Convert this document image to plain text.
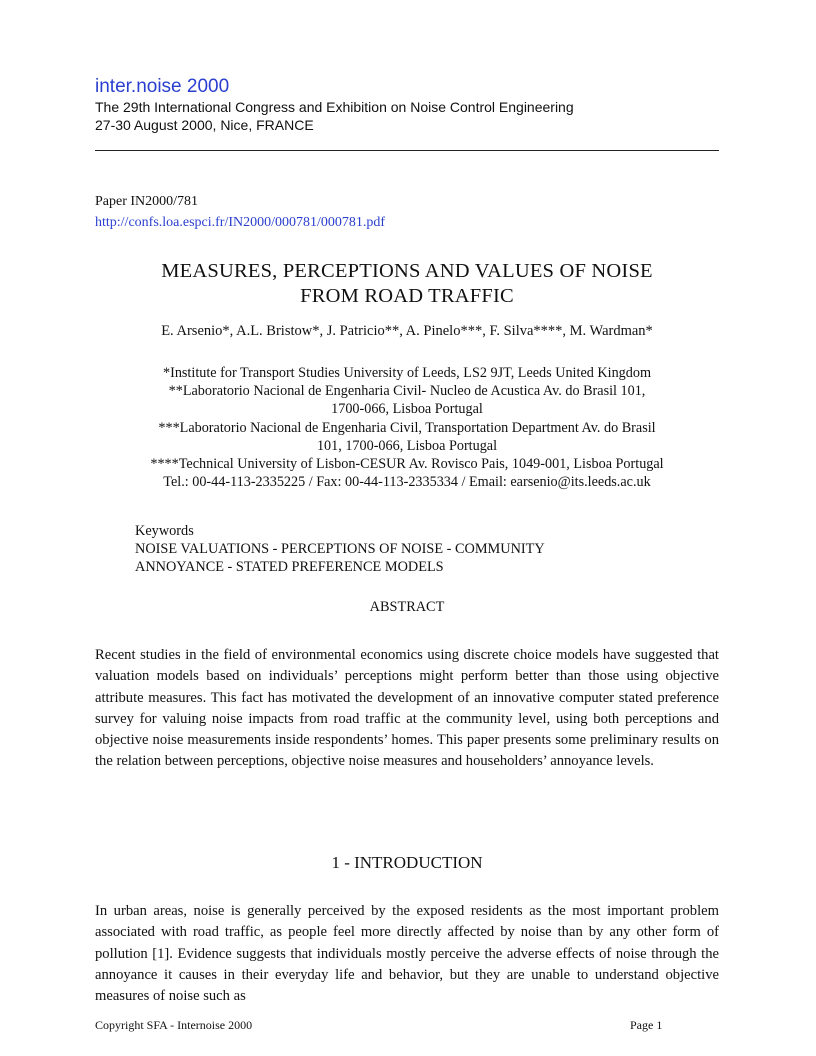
inter.noise 2000
The 29th International Congress and Exhibition on Noise Control Engineering
27-30 August 2000, Nice, FRANCE
Paper IN2000/781
http://confs.loa.espci.fr/IN2000/000781/000781.pdf
MEASURES, PERCEPTIONS AND VALUES OF NOISE
FROM ROAD TRAFFIC
E. Arsenio*, A.L. Bristow*, J. Patricio**, A. Pinelo***, F. Silva****, M. Wardman*
*Institute for Transport Studies University of Leeds, LS2 9JT, Leeds United Kingdom
**Laboratorio Nacional de Engenharia Civil- Nucleo de Acustica Av. do Brasil 101,
1700-066, Lisboa Portugal
***Laboratorio Nacional de Engenharia Civil, Transportation Department Av. do Brasil
101, 1700-066, Lisboa Portugal
****Technical University of Lisbon-CESUR Av. Rovisco Pais, 1049-001, Lisboa Portugal
Tel.: 00-44-113-2335225 / Fax: 00-44-113-2335334 / Email: earsenio@its.leeds.ac.uk
Keywords
NOISE VALUATIONS - PERCEPTIONS OF NOISE - COMMUNITY
ANNOYANCE - STATED PREFERENCE MODELS
ABSTRACT
Recent studies in the field of environmental economics using discrete choice models have suggested that valuation models based on individuals’ perceptions might perform better than those using objective attribute measures. This fact has motivated the development of an innovative computer stated preference survey for valuing noise impacts from road traffic at the community level, using both perceptions and objective noise measurements inside respondents’ homes. This paper presents some preliminary results on the relation between perceptions, objective noise measures and householders’ annoyance levels.
1 - INTRODUCTION
In urban areas, noise is generally perceived by the exposed residents as the most important problem associated with road traffic, as people feel more directly affected by noise than by any other form of pollution [1]. Evidence suggests that individuals mostly perceive the adverse effects of noise through the annoyance it causes in their everyday life and behavior, but they are unable to understand objective measures of noise such as
Copyright SFA - Internoise 2000	Page 1
